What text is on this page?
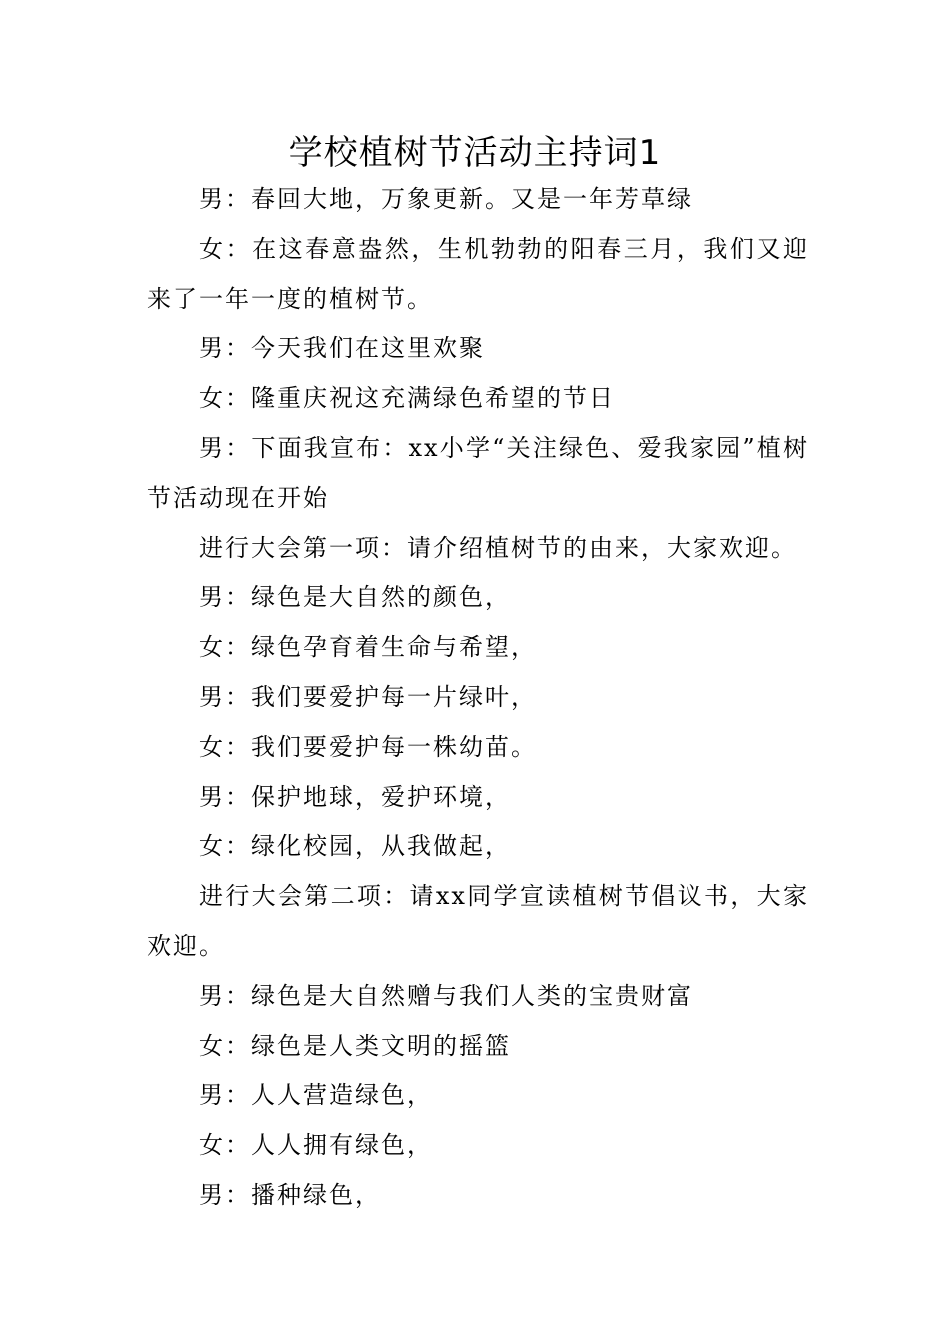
学校植树节活动主持词1

男：春回大地，万象更新。又是一年芳草绿

女：在这春意盎然，生机勃勃的阳春三月，我们又迎来了一年一度的植树节。

男：今天我们在这里欢聚

女：隆重庆祝这充满绿色希望的节日

男：下面我宣布：xx小学“关注绿色、爱我家园”植树节活动现在开始

进行大会第一项：请介绍植树节的由来，大家欢迎。

男：绿色是大自然的颜色，

女：绿色孕育着生命与希望，

男：我们要爱护每一片绿叶，

女：我们要爱护每一株幼苗。

男：保护地球，爱护环境，

女：绿化校园，从我做起，

进行大会第二项：请xx同学宣读植树节倡议书，大家欢迎。

男：绿色是大自然赠与我们人类的宝贵财富

女：绿色是人类文明的摇篮

男：人人营造绿色，

女：人人拥有绿色，

男：播种绿色，
